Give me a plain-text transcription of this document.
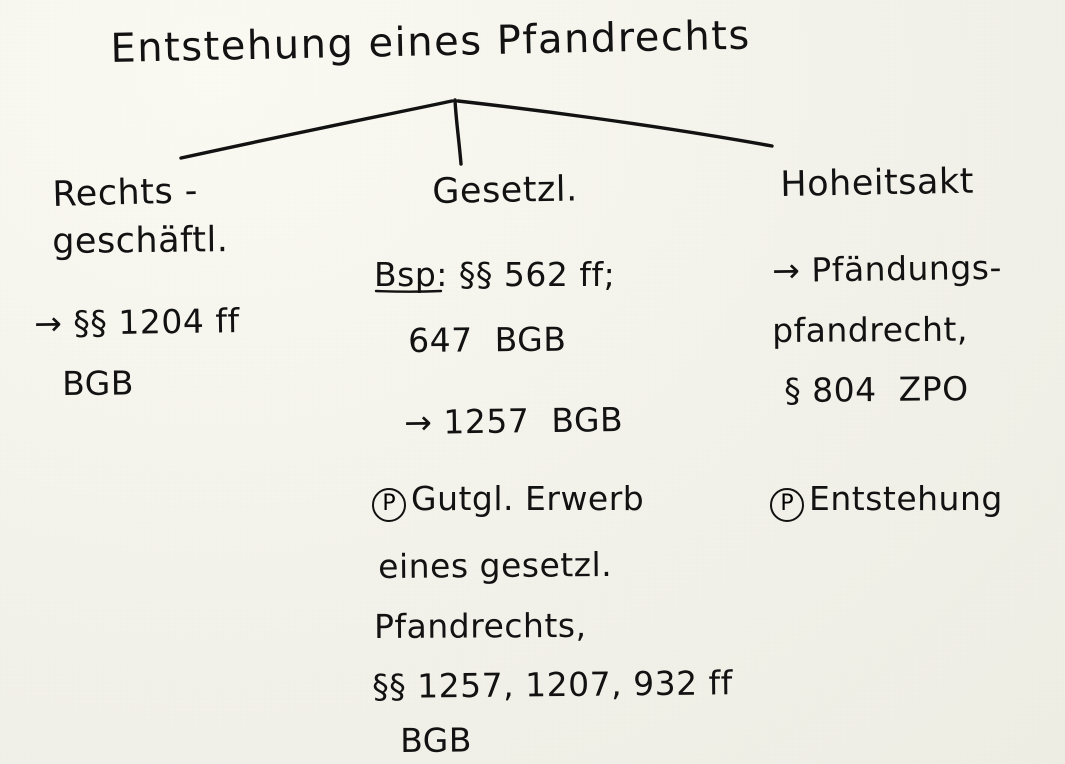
Entstehung eines Pfandrechts
Rechts -
geschäftl.
→ §§ 1204 ff
BGB
Gesetzl.
Bsp: §§ 562 ff;
647  BGB
→ 1257  BGB
P Gutgl. Erwerb
eines gesetzl.
Pfandrechts,
§§ 1257, 1207, 932 ff
BGB
Hoheitsakt
→ Pfändungs-
pfandrecht,
§ 804  ZPO
P Entstehung
